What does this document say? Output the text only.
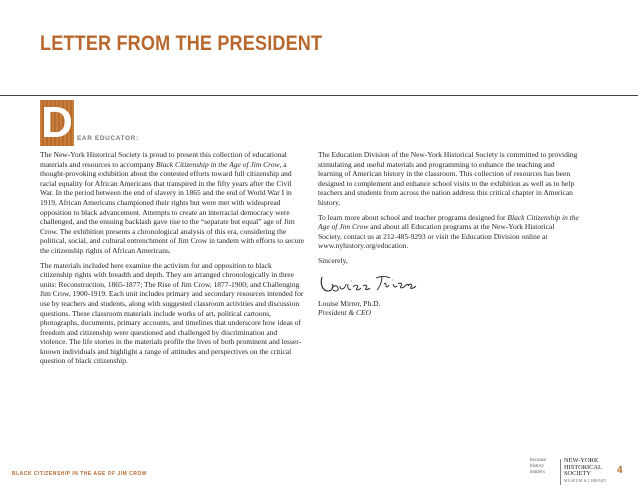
LETTER FROM THE PRESIDENT
D EAR EDUCATOR:

The New-York Historical Society is proud to present this collection of educational materials and resources to accompany Black Citizenship in the Age of Jim Crow, a thought-provoking exhibition about the contested efforts toward full citizenship and racial equality for African Americans that transpired in the fifty years after the Civil War. In the period between the end of slavery in 1865 and the end of World War I in 1919, African Americans championed their rights but were met with widespread opposition to black advancement. Attempts to create an interracial democracy were challenged, and the ensuing backlash gave rise to the “separate but equal” age of Jim Crow. The exhibition presents a chronological analysis of this era, considering the political, social, and cultural entrenchment of Jim Crow in tandem with efforts to secure the citizenship rights of African Americans.

The materials included here examine the activism for and opposition to black citizenship rights with breadth and depth. They are arranged chronologically in three units: Reconstruction, 1865-1877; The Rise of Jim Crow, 1877-1900; and Challenging Jim Crow, 1900-1919. Each unit includes primary and secondary resources intended for use by teachers and students, along with suggested classroom activities and discussion questions. These classroom materials include works of art, political cartoons, photographs, documents, primary accounts, and timelines that underscore how ideas of freedom and citizenship were questioned and challenged by discrimination and violence. The life stories in the materials profile the lives of both prominent and lesser-known individuals and highlight a range of attitudes and perspectives on the critical question of black citizenship.

The Education Division of the New-York Historical Society is committed to providing stimulating and useful materials and programming to enhance the teaching and learning of American history in the classroom. This collection of resources has been designed to complement and enhance school visits to the exhibition as well as to help teachers and students from across the nation address this critical chapter in American history.

To learn more about school and teacher programs designed for Black Citizenship in the Age of Jim Crow and about all Education programs at the New-York Historical Society, contact us at 212-485-9293 or visit the Education Division online at www.nyhistory.org/education.

Sincerely,

Louise Mirrer, Ph.D.
President & CEO
BLACK CITIZENSHIP IN THE AGE OF JIM CROW
because
history
matters
NEW-YORK
HISTORICAL
SOCIETY
MUSEUM & LIBRARY
4
